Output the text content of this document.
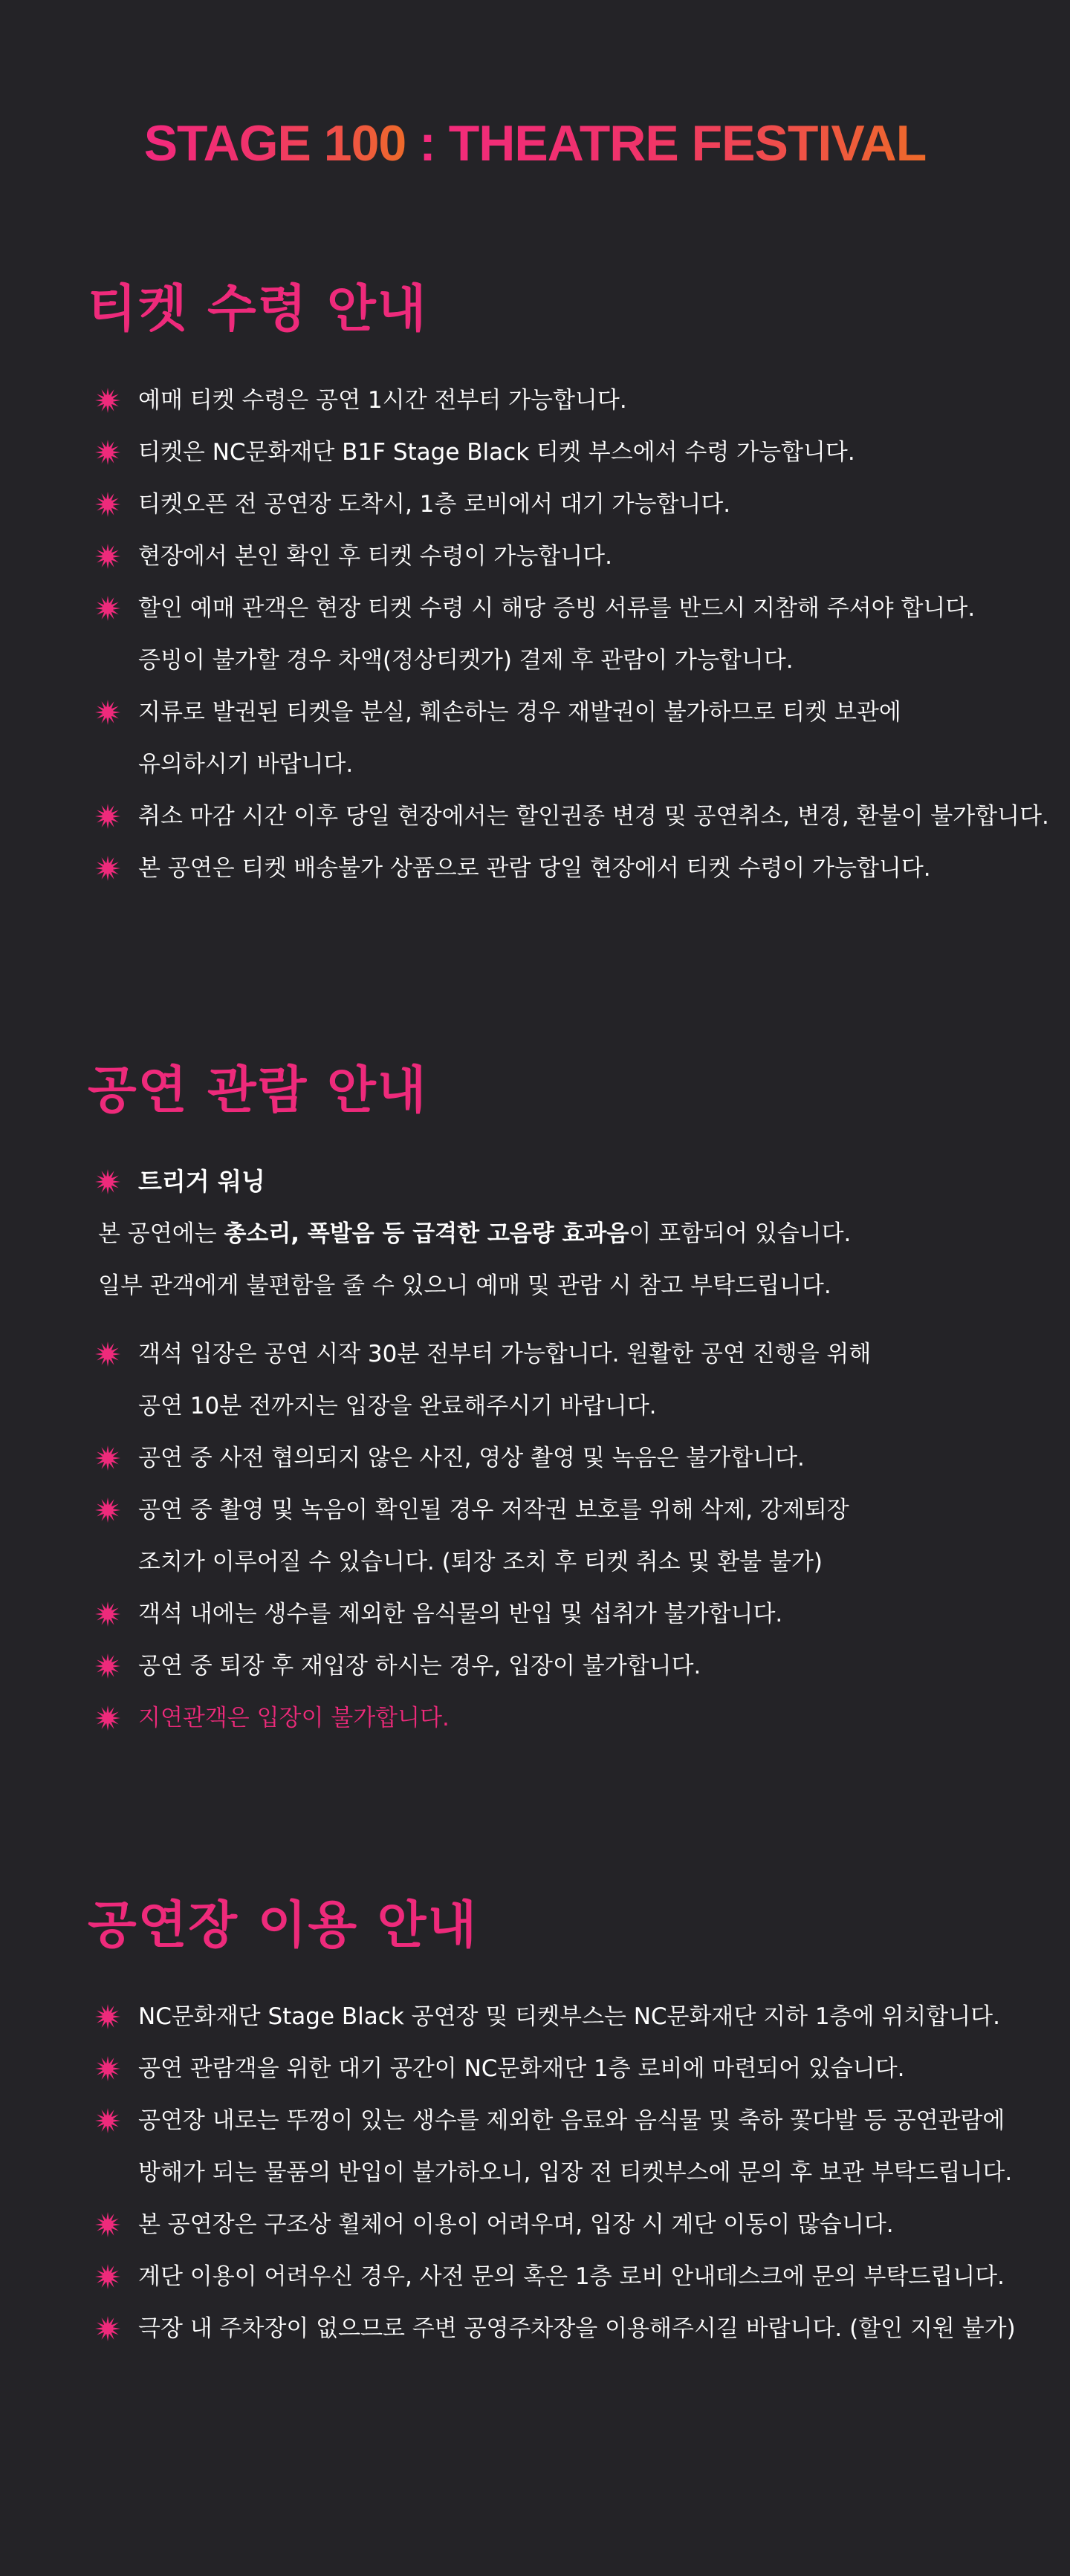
STAGE 100 : THEATRE FESTIVAL
티켓 수령 안내
예매 티켓 수령은 공연 1시간 전부터 가능합니다.
티켓은 NC문화재단 B1F Stage Black 티켓 부스에서 수령 가능합니다.
티켓오픈 전 공연장 도착시, 1층 로비에서 대기 가능합니다.
현장에서 본인 확인 후 티켓 수령이 가능합니다.
할인 예매 관객은 현장 티켓 수령 시 해당 증빙 서류를 반드시 지참해 주셔야 합니다.
증빙이 불가할 경우 차액(정상티켓가) 결제 후 관람이 가능합니다.
지류로 발권된 티켓을 분실, 훼손하는 경우 재발권이 불가하므로 티켓 보관에
유의하시기 바랍니다.
취소 마감 시간 이후 당일 현장에서는 할인권종 변경 및 공연취소, 변경, 환불이 불가합니다.
본 공연은 티켓 배송불가 상품으로 관람 당일 현장에서 티켓 수령이 가능합니다.
공연 관람 안내
트리거 워닝
본 공연에는 총소리, 폭발음 등 급격한 고음량 효과음이 포함되어 있습니다.
일부 관객에게 불편함을 줄 수 있으니 예매 및 관람 시 참고 부탁드립니다.
객석 입장은 공연 시작 30분 전부터 가능합니다. 원활한 공연 진행을 위해
공연 10분 전까지는 입장을 완료해주시기 바랍니다.
공연 중 사전 협의되지 않은 사진, 영상 촬영 및 녹음은 불가합니다.
공연 중 촬영 및 녹음이 확인될 경우 저작권 보호를 위해 삭제, 강제퇴장
조치가 이루어질 수 있습니다. (퇴장 조치 후 티켓 취소 및 환불 불가)
객석 내에는 생수를 제외한 음식물의 반입 및 섭취가 불가합니다.
공연 중 퇴장 후 재입장 하시는 경우, 입장이 불가합니다.
지연관객은 입장이 불가합니다.
공연장 이용 안내
NC문화재단 Stage Black 공연장 및 티켓부스는 NC문화재단 지하 1층에 위치합니다.
공연 관람객을 위한 대기 공간이 NC문화재단 1층 로비에 마련되어 있습니다.
공연장 내로는 뚜껑이 있는 생수를 제외한 음료와 음식물 및 축하 꽃다발 등 공연관람에
방해가 되는 물품의 반입이 불가하오니, 입장 전 티켓부스에 문의 후 보관 부탁드립니다.
본 공연장은 구조상 휠체어 이용이 어려우며, 입장 시 계단 이동이 많습니다.
계단 이용이 어려우신 경우, 사전 문의 혹은 1층 로비 안내데스크에 문의 부탁드립니다.
극장 내 주차장이 없으므로 주변 공영주차장을 이용해주시길 바랍니다. (할인 지원 불가)
